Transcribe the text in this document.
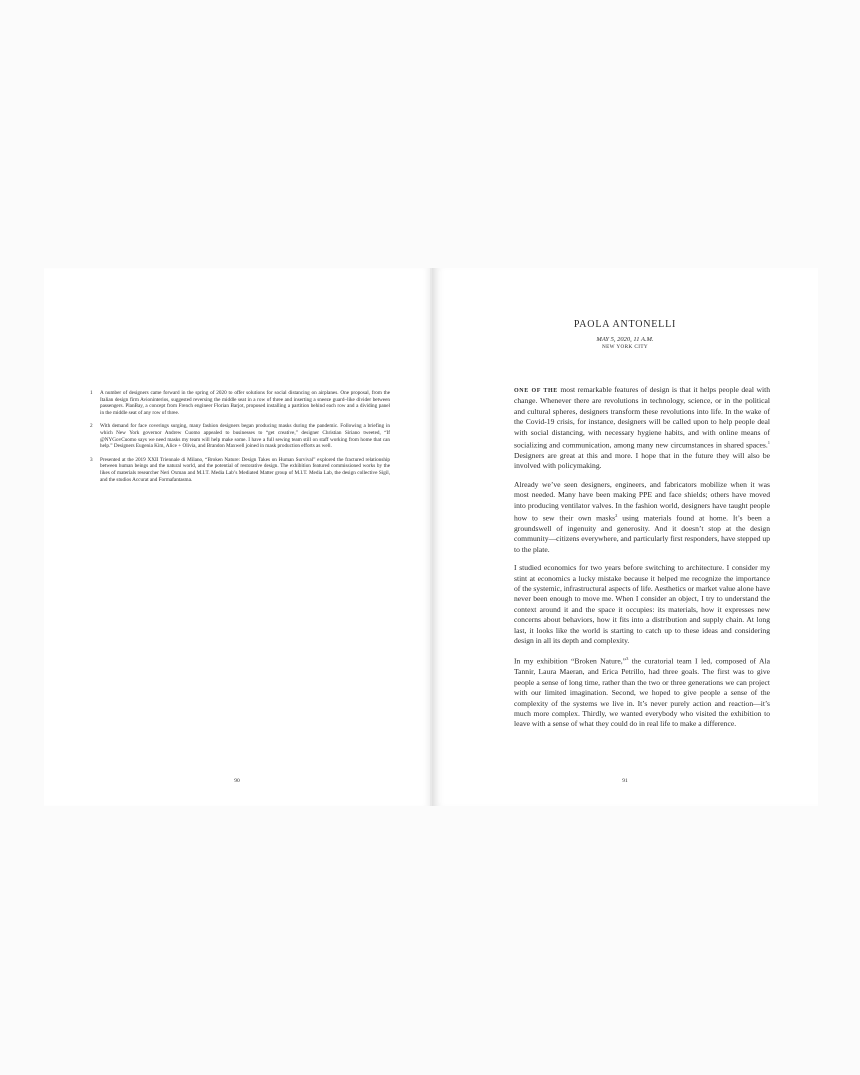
1	A number of designers came forward in the spring of 2020 to offer solutions for social distancing on airplanes. One proposal, from the Italian design firm Avioninterios, suggested reversing the middle seat in a row of three and inserting a sneeze guard–like divider between passengers. PlanBay, a concept from French engineer Florian Barjot, proposed installing a partition behind each row and a dividing panel in the middle seat of any row of three.
2	With demand for face coverings surging, many fashion designers began producing masks during the pandemic. Following a briefing in which New York governor Andrew Cuomo appealed to businesses to “get creative,” designer Christian Siriano tweeted, “If @NYGovCuomo says we need masks my team will help make some. I have a full sewing team still on staff working from home that can help.” Designers Eugenia Kim, Alice + Olivia, and Brandon Maxwell joined in mask production efforts as well.
3	Presented at the 2019 XXII Triennale di Milano, “Broken Nature: Design Takes on Human Survival” explored the fractured relationship between human beings and the natural world, and the potential of restorative design. The exhibition featured commissioned works by the likes of materials researcher Neri Oxman and M.I.T. Media Lab’s Mediated Matter group of M.I.T. Media Lab, the design collective Sigil, and the studios Accurat and Formafantasma.
90
PAOLA ANTONELLI
MAY 5, 2020, 11 A.M.
NEW YORK CITY

ONE OF THE most remarkable features of design is that it helps people deal with change. Whenever there are revolutions in technology, science, or in the political and cultural spheres, designers transform these revolutions into life. In the wake of the Covid-19 crisis, for instance, designers will be called upon to help people deal with social distancing, with necessary hygiene habits, and with online means of socializing and communication, among many new circumstances in shared spaces.$^1$ Designers are great at this and more. I hope that in the future they will also be involved with policymaking.

Already we’ve seen designers, engineers, and fabricators mobilize when it was most needed. Many have been making PPE and face shields; others have moved into producing ventilator valves. In the fashion world, designers have taught people how to sew their own masks$^2$ using materials found at home. It’s been a groundswell of ingenuity and generosity. And it doesn’t stop at the design community—citizens everywhere, and particularly first responders, have stepped up to the plate.

I studied economics for two years before switching to architecture. I consider my stint at economics a lucky mistake because it helped me recognize the importance of the systemic, infrastructural aspects of life. Aesthetics or market value alone have never been enough to move me. When I consider an object, I try to understand the context around it and the space it occupies: its materials, how it expresses new concerns about behaviors, how it fits into a distribution and supply chain. At long last, it looks like the world is starting to catch up to these ideas and considering design in all its depth and complexity.

In my exhibition “Broken Nature,”$^3$ the curatorial team I led, composed of Ala Tannir, Laura Maeran, and Erica Petrillo, had three goals. The first was to give people a sense of long time, rather than the two or three generations we can project with our limited imagination. Second, we hoped to give people a sense of the complexity of the systems we live in. It’s never purely action and reaction—it’s much more complex. Thirdly, we wanted everybody who visited the exhibition to leave with a sense of what they could do in real life to make a difference.

91
